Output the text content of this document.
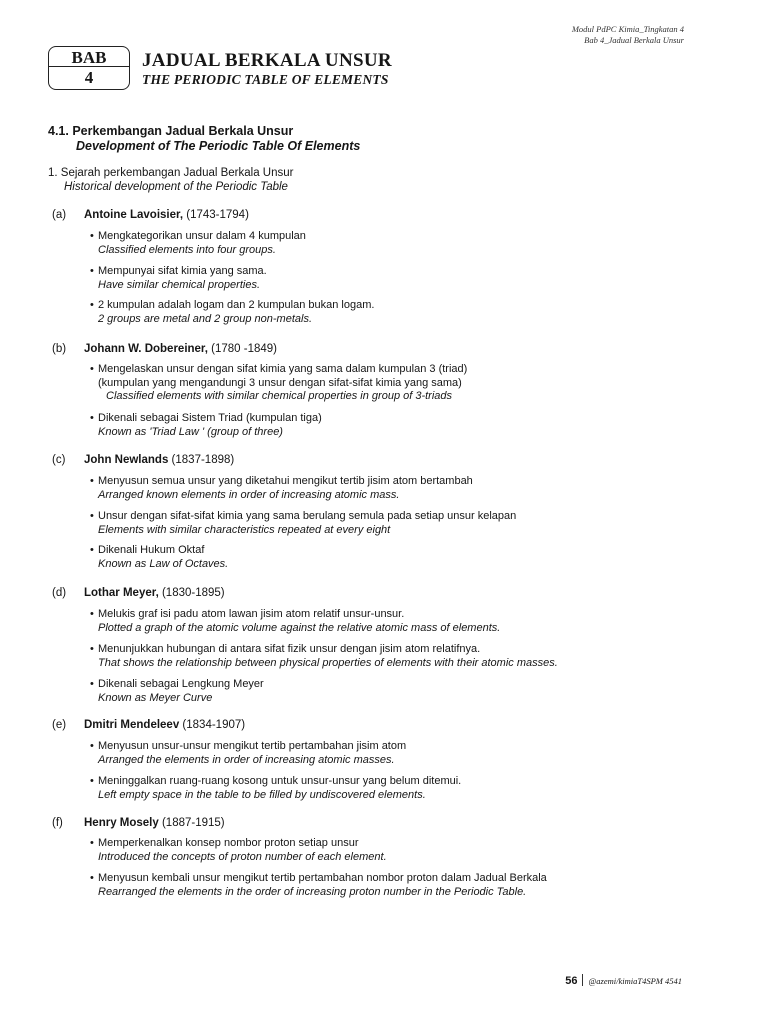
Modul PdPC Kimia_Tingkatan 4
Bab 4_Jadual Berkala Unsur
BAB
4
JADUAL BERKALA UNSUR
THE PERIODIC TABLE OF ELEMENTS
4.1. Perkembangan Jadual Berkala Unsur
Development of The Periodic Table Of Elements
1. Sejarah perkembangan Jadual Berkala Unsur
Historical development of the Periodic Table
(a) Antoine Lavoisier, (1743-1794)
• Mengkategorikan unsur dalam 4 kumpulan
Classified elements into four groups.
• Mempunyai sifat kimia yang sama.
Have similar chemical properties.
• 2 kumpulan adalah logam dan 2 kumpulan bukan logam.
2 groups are metal and 2 group non-metals.
(b) Johann W. Dobereiner, (1780 -1849)
• Mengelaskan unsur dengan sifat kimia yang sama dalam kumpulan 3 (triad)
(kumpulan yang mengandungi 3 unsur dengan sifat-sifat kimia yang sama)
Classified elements with similar chemical properties in group of 3-triads
• Dikenali sebagai Sistem Triad (kumpulan tiga)
Known as 'Triad Law ' (group of three)
(c) John Newlands (1837-1898)
• Menyusun semua unsur yang diketahui mengikut tertib jisim atom bertambah
Arranged known elements in order of increasing atomic mass.
• Unsur dengan sifat-sifat kimia yang sama berulang semula pada setiap unsur kelapan
Elements with similar characteristics repeated at every eight
• Dikenali Hukum Oktaf
Known as Law of Octaves.
(d) Lothar Meyer, (1830-1895)
• Melukis graf isi padu atom lawan jisim atom relatif unsur-unsur.
Plotted a graph of the atomic volume against the relative atomic mass of elements.
• Menunjukkan hubungan di antara sifat fizik unsur dengan jisim atom relatifnya.
That shows the relationship between physical properties of elements with their atomic masses.
• Dikenali sebagai Lengkung Meyer
Known as Meyer Curve
(e) Dmitri Mendeleev (1834-1907)
• Menyusun unsur-unsur mengikut tertib pertambahan jisim atom
Arranged the elements in order of increasing atomic masses.
• Meninggalkan ruang-ruang kosong untuk unsur-unsur yang belum ditemui.
Left empty space in the table to be filled by undiscovered elements.
(f) Henry Mosely (1887-1915)
• Memperkenalkan konsep nombor proton setiap unsur
Introduced the concepts of proton number of each element.
• Menyusun kembali unsur mengikut tertib pertambahan nombor proton dalam Jadual Berkala
Rearranged the elements in the order of increasing proton number in the Periodic Table.
56 @azemi/kimiaT4SPM 4541
